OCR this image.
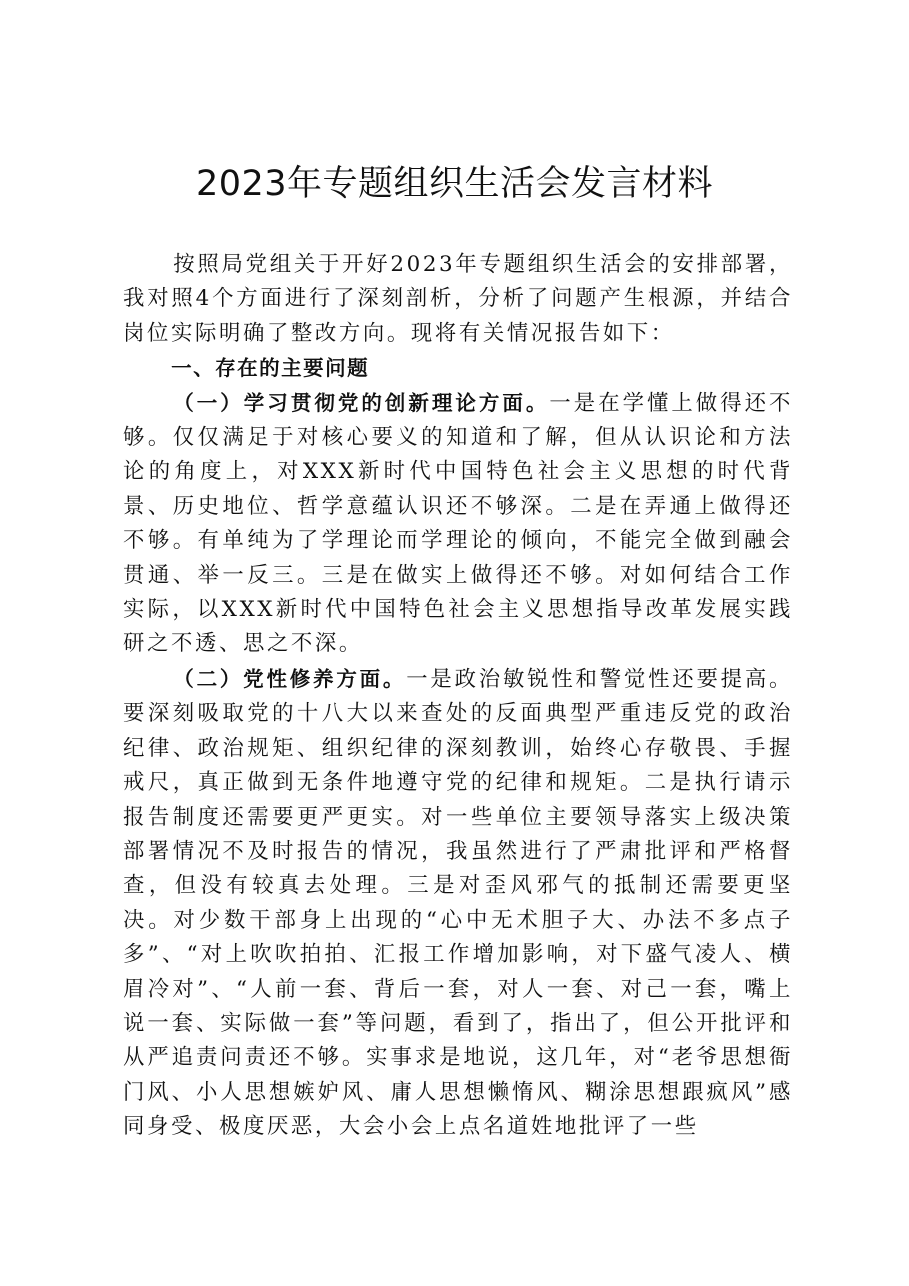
2023年专题组织生活会发言材料

按照局党组关于开好2023年专题组织生活会的安排部署，我对照4个方面进行了深刻剖析，分析了问题产生根源，并结合岗位实际明确了整改方向。现将有关情况报告如下：

一、存在的主要问题

（一）学习贯彻党的创新理论方面。一是在学懂上做得还不够。仅仅满足于对核心要义的知道和了解，但从认识论和方法论的角度上，对XXX新时代中国特色社会主义思想的时代背景、历史地位、哲学意蕴认识还不够深。二是在弄通上做得还不够。有单纯为了学理论而学理论的倾向，不能完全做到融会贯通、举一反三。三是在做实上做得还不够。对如何结合工作实际，以XXX新时代中国特色社会主义思想指导改革发展实践研之不透、思之不深。

（二）党性修养方面。一是政治敏锐性和警觉性还要提高。要深刻吸取党的十八大以来查处的反面典型严重违反党的政治纪律、政治规矩、组织纪律的深刻教训，始终心存敬畏、手握戒尺，真正做到无条件地遵守党的纪律和规矩。二是执行请示报告制度还需要更严更实。对一些单位主要领导落实上级决策部署情况不及时报告的情况，我虽然进行了严肃批评和严格督查，但没有较真去处理。三是对歪风邪气的抵制还需要更坚决。对少数干部身上出现的“心中无术胆子大、办法不多点子多”、“对上吹吹拍拍、汇报工作增加影响，对下盛气凌人、横眉冷对”、“人前一套、背后一套，对人一套、对己一套，嘴上说一套、实际做一套”等问题，看到了，指出了，但公开批评和从严追责问责还不够。实事求是地说，这几年，对“老爷思想衙门风、小人思想嫉妒风、庸人思想懒惰风、糊涂思想跟疯风”感同身受、极度厌恶，大会小会上点名道姓地批评了一些
